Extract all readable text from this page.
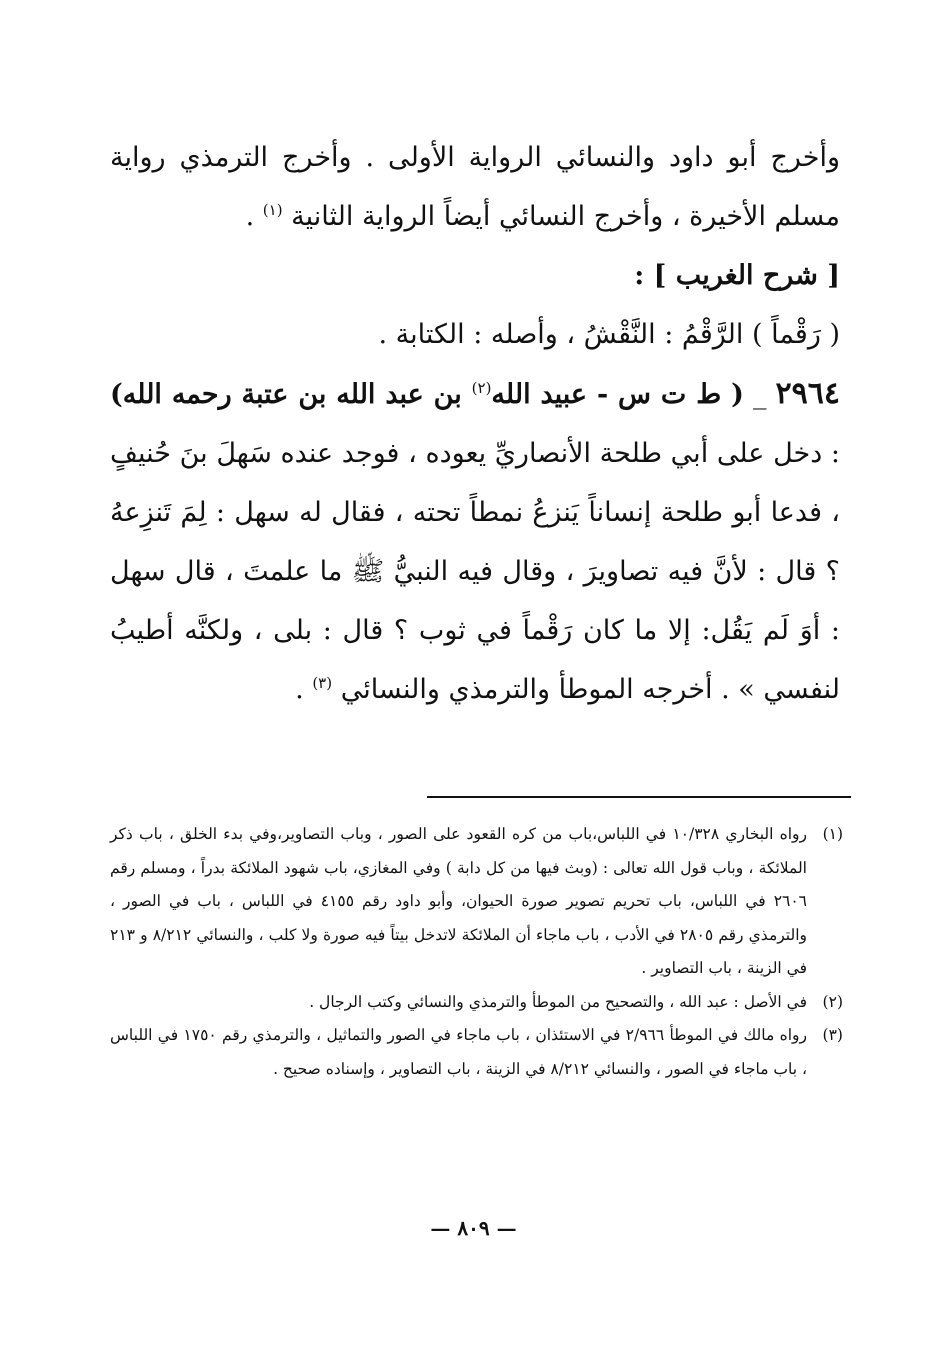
وأخرج أبو داود والنسائي الرواية الأولى . وأخرج الترمذي رواية مسلم الأخيرة ، وأخرج النسائي أيضاً الرواية الثانية $^{(١)}$ .

[ شرح الغريب ] :

( رَقْماً ) الرَّقْمُ : النَّقْشُ ، وأصله : الكتابة .

٢٩٦٤ _ ( ط ت س - عبيد الله$^{(٢)}$ بن عبد الله بن عتبة رحمه الله) : دخل على أبي طلحة الأنصاريِّ يعوده ، فوجد عنده سَهلَ بنَ حُنيفٍ ، فدعا أبو طلحة إنساناً يَنزعُ نمطاً تحته ، فقال له سهل : لِمَ تَنزِعهُ ؟ قال : لأنَّ فيه تصاويرَ ، وقال فيه النبيُّ ﷺ ما علمتَ ، قال سهل : أوَ لَم يَقُل: إلا ما كان رَقْماً في ثوب ؟ قال : بلى ، ولكنَّه أطيبُ لنفسي » . أخرجه الموطأ والترمذي والنسائي $^{(٣)}$ .

(١)رواه البخاري ١٠/٣٢٨ في اللباس،باب من كره القعود على الصور ، وباب التصاوير،وفي بدء الخلق ، باب ذكر الملائكة ، وباب قول الله تعالى : (وبث فيها من كل دابة ) وفي المغازي، باب شهود الملائكة بدراً ، ومسلم رقم ٢٦٠٦ في اللباس، باب تحريم تصوير صورة الحيوان، وأبو داود رقم ٤١٥٥ في اللباس ، باب في الصور ، والترمذي رقم ٢٨٠٥ في الأدب ، باب ماجاء أن الملائكة لاتدخل بيتاً فيه صورة ولا كلب ، والنسائي ٨/٢١٢ و ٢١٣ في الزينة ، باب التصاوير .

(٢)في الأصل : عبد الله ، والتصحيح من الموطأ والترمذي والنسائي وكتب الرجال .

(٣)رواه مالك في الموطأ ٢/٩٦٦ في الاستئذان ، باب ماجاء في الصور والتماثيل ، والترمذي رقم ١٧٥٠ في اللباس ، باب ماجاء في الصور ، والنسائي ٨/٢١٢ في الزينة ، باب التصاوير ، وإسناده صحيح .

— ٨٠٩ —
